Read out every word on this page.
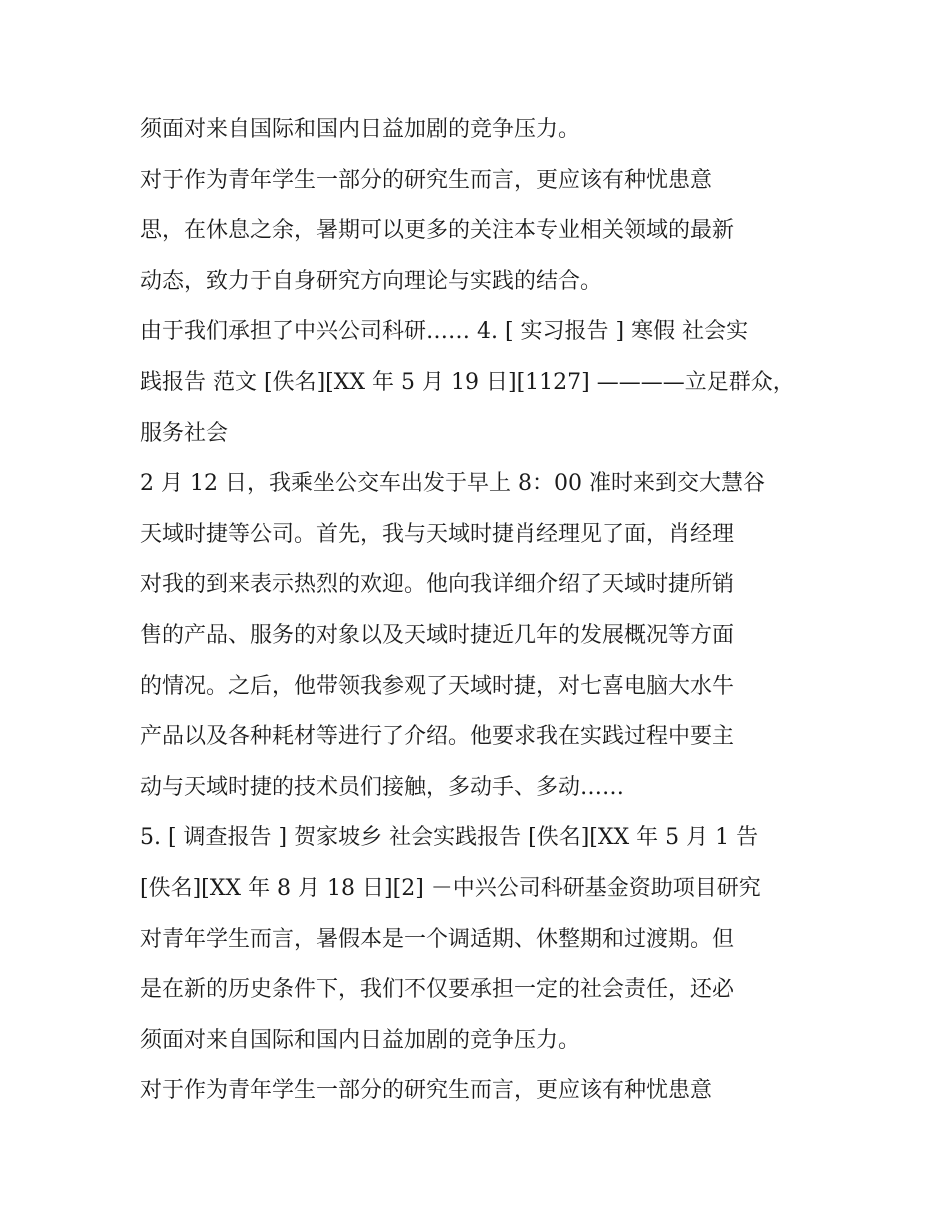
须面对来自国际和国内日益加剧的竞争压力。
对于作为青年学生一部分的研究生而言，更应该有种忧患意
思，在休息之余，暑期可以更多的关注本专业相关领域的最新
动态，致力于自身研究方向理论与实践的结合。
由于我们承担了中兴公司科研…… 4. [ 实习报告 ] 寒假 社会实
践报告 范文 [佚名][XX 年 5 月 19 日][1127] ————立足群众，
服务社会
2 月 12 日，我乘坐公交车出发于早上 8：00 准时来到交大慧谷
天域时捷等公司。首先，我与天域时捷肖经理见了面，肖经理
对我的到来表示热烈的欢迎。他向我详细介绍了天域时捷所销
售的产品、服务的对象以及天域时捷近几年的发展概况等方面
的情况。之后，他带领我参观了天域时捷，对七喜电脑大水牛
产品以及各种耗材等进行了介绍。他要求我在实践过程中要主
动与天域时捷的技术员们接触，多动手、多动……
5. [ 调查报告 ] 贺家坡乡 社会实践报告 [佚名][XX 年 5 月 1 告
[佚名][XX 年 8 月 18 日][2] －中兴公司科研基金资助项目研究
对青年学生而言，暑假本是一个调适期、休整期和过渡期。但
是在新的历史条件下，我们不仅要承担一定的社会责任，还必
须面对来自国际和国内日益加剧的竞争压力。
对于作为青年学生一部分的研究生而言，更应该有种忧患意
